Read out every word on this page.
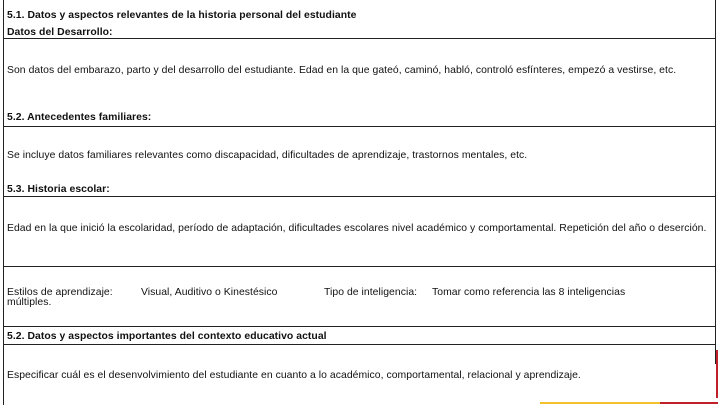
5.1. Datos y aspectos relevantes de la historia personal del estudiante
Datos del Desarrollo:
Son datos del embarazo, parto y del desarrollo del estudiante. Edad en la que gateó, caminó, habló, controló esfínteres, empezó a vestirse, etc.
5.2. Antecedentes familiares:
Se incluye datos familiares relevantes como discapacidad, dificultades de aprendizaje, trastornos mentales, etc.
5.3. Historia escolar:
Edad en la que inició la escolaridad, período de adaptación, dificultades escolares nivel académico y comportamental. Repetición del año o deserción.
Estilos de aprendizaje:	Visual, Auditivo o Kinestésico	Tipo de inteligencia: Tomar como referencia las 8 inteligencias
múltiples.
5.2. Datos y aspectos importantes del contexto educativo actual
Especificar cuál es el desenvolvimiento del estudiante en cuanto a lo académico, comportamental, relacional y aprendizaje.
